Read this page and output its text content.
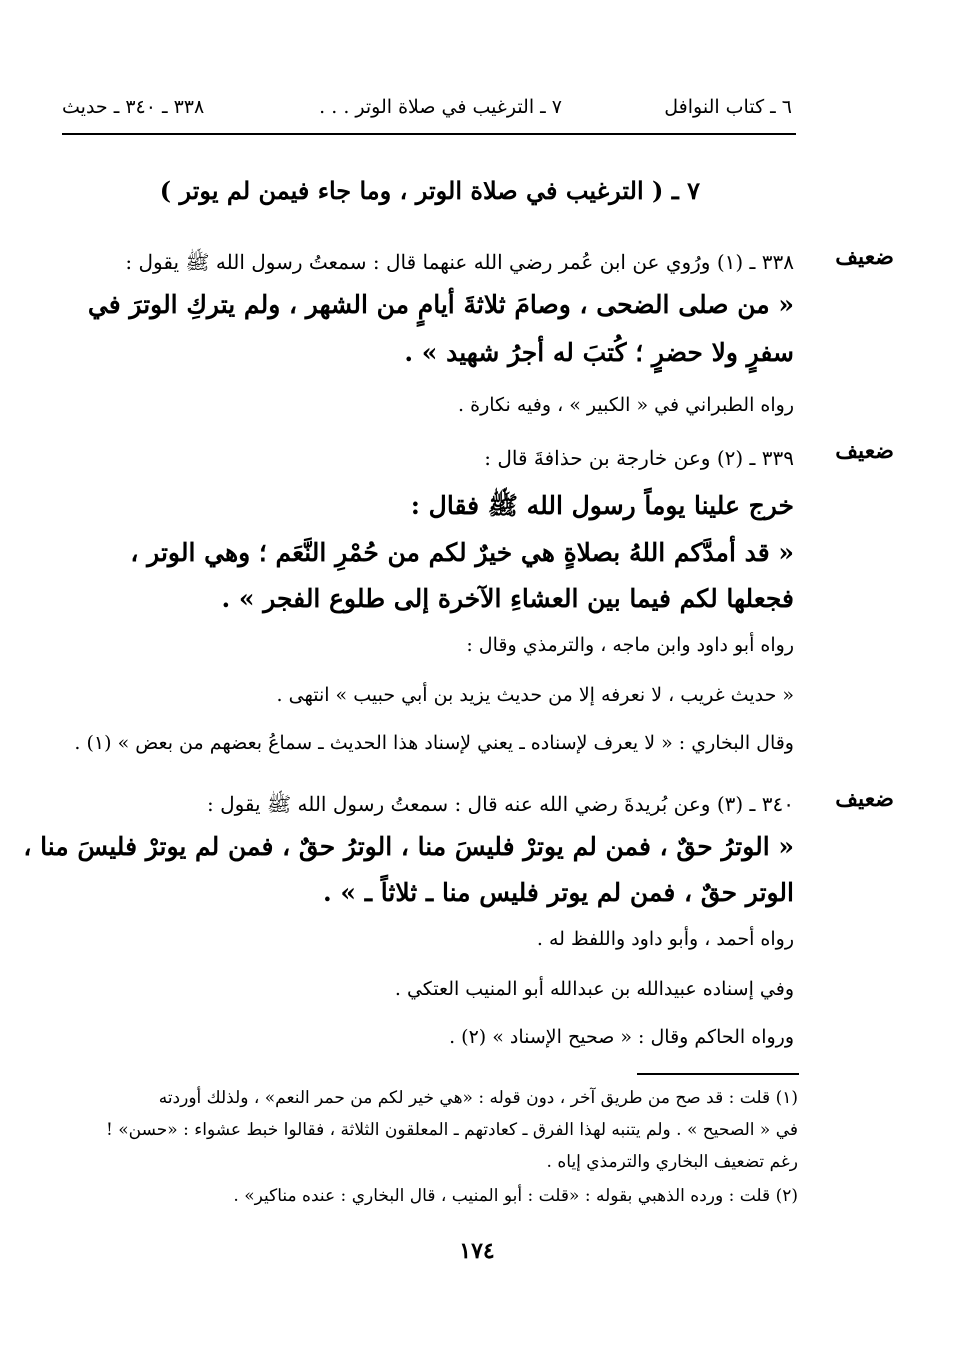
٦ ـ كتاب النوافل
٧ ـ الترغيب في صلاة الوتر . . .
٣٣٨ ـ ٣٤٠ ـ حديث
٧ ـ ( الترغيب في صلاة الوتر ، وما جاء فيمن لم يوتر )
ضعيف
٣٣٨ ـ (١) ورُوي عن ابن عُمر رضي الله عنهما قال : سمعتُ رسول الله ﷺ يقول :
« من صلى الضحى ، وصامَ ثلاثةَ أيامٍ من الشهر ، ولم يتركِ الوترَ في
سفرٍ ولا حضرٍ ؛ كُتبَ له أجرُ شهيد » .
رواه الطبراني في « الكبير » ، وفيه نكارة .
ضعيف
٣٣٩ ـ (٢) وعن خارجة بن حذافةَ قال :
خرج علينا يوماً رسول الله ﷺ فقال :
« قد أمدَّكم اللهُ بصلاةٍ هي خيرٌ لكم من حُمْرِ النَّعَم ؛ وهي الوتر ،
فجعلها لكم فيما بين العشاءِ الآخرة إلى طلوع الفجر » .
رواه أبو داود وابن ماجه ، والترمذي وقال :
« حديث غريب ، لا نعرفه إلا من حديث يزيد بن أبي حبيب » انتهى .
وقال البخاري : « لا يعرف لإسناده ـ يعني لإسناد هذا الحديث ـ سماعُ بعضهم من بعض » (١) .
ضعيف
٣٤٠ ـ (٣) وعن بُريدةَ رضي الله عنه قال : سمعتُ رسول الله ﷺ يقول :
« الوترُ حقٌ ، فمن لم يوترْ فليسَ منا ، الوترُ حقٌ ، فمن لم يوترْ فليسَ منا ،
الوتر حقٌ ، فمن لم يوتر فليس منا ـ ثلاثاً ـ » .
رواه أحمد ، وأبو داود واللفظ له .
وفي إسناده عبيدالله بن عبدالله أبو المنيب العتكي .
ورواه الحاكم وقال : « صحيح الإسناد » (٢) .
(١) قلت : قد صح من طريق آخر ، دون قوله : «هي خير لكم من حمر النعم» ، ولذلك أوردته
في « الصحيح » . ولم يتنبه لهذا الفرق ـ كعادتهم ـ المعلقون الثلاثة ، فقالوا خبط عشواء : «حسن» !
رغم تضعيف البخاري والترمذي إياه .
(٢) قلت : ورده الذهبي بقوله : «قلت : أبو المنيب ، قال البخاري : عنده مناكير» .
١٧٤
